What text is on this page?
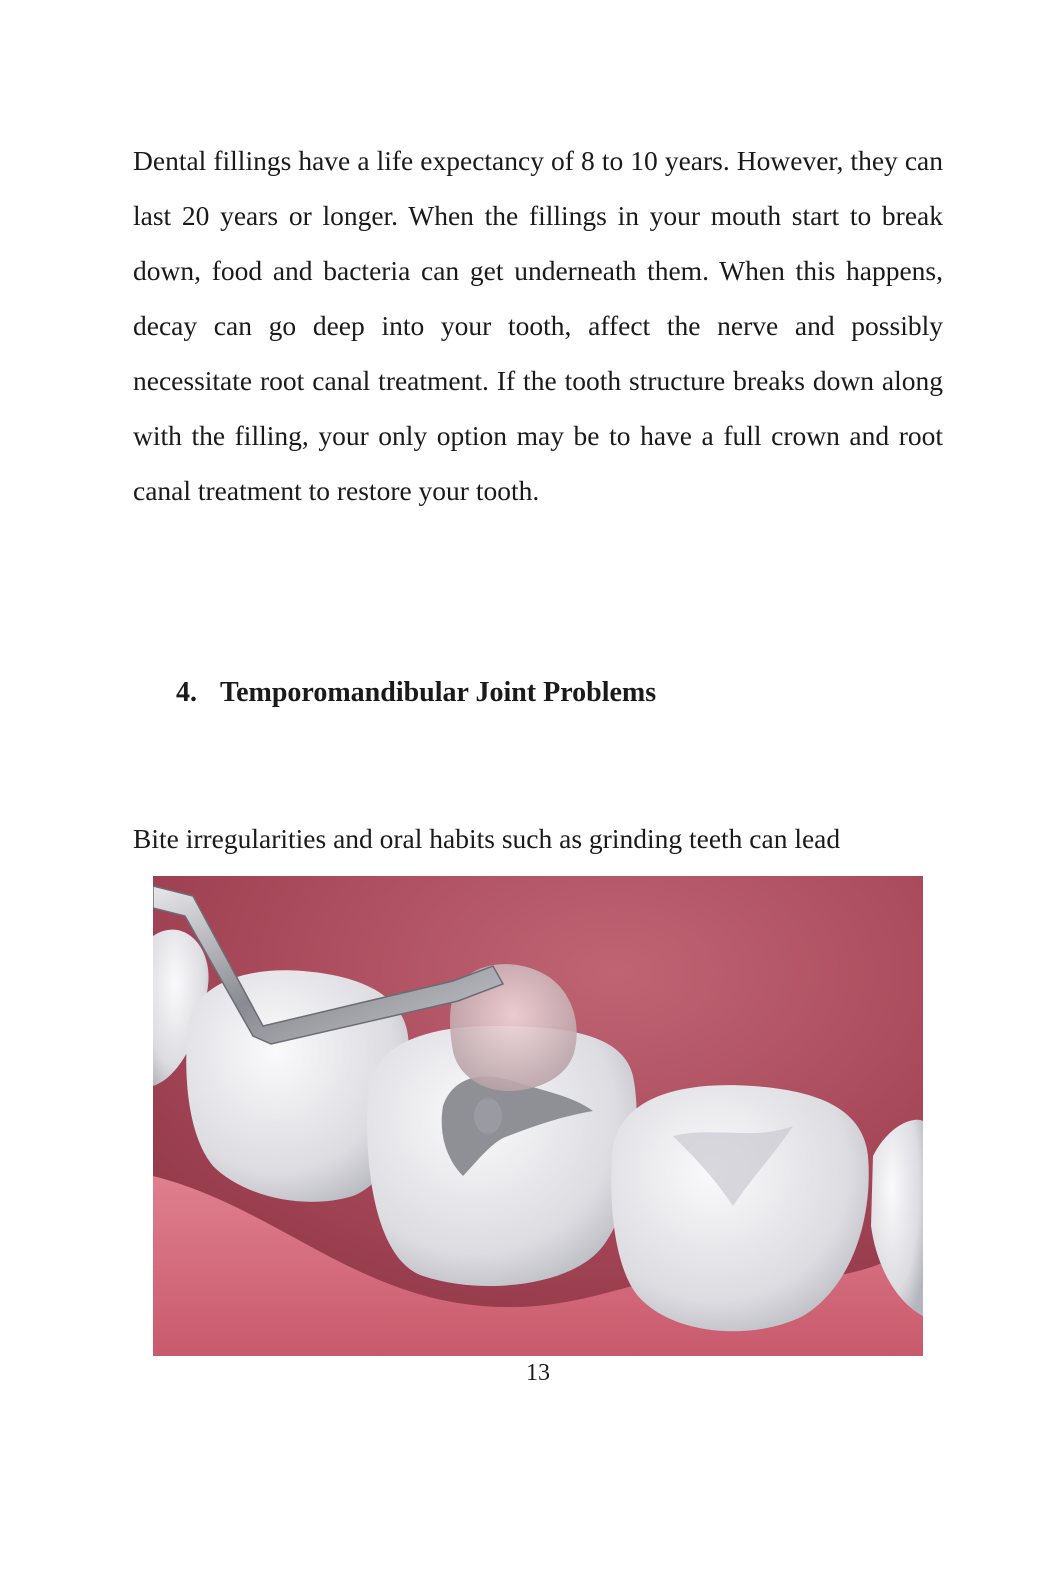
Dental fillings have a life expectancy of 8 to 10 years. However, they can last 20 years or longer. When the fillings in your mouth start to break down, food and bacteria can get underneath them. When this happens, decay can go deep into your tooth, affect the nerve and possibly necessitate root canal treatment. If the tooth structure breaks down along with the filling, your only option may be to have a full crown and root canal treatment to restore your tooth.

4. Temporomandibular Joint Problems

Bite irregularities and oral habits such as grinding teeth can lead

13
